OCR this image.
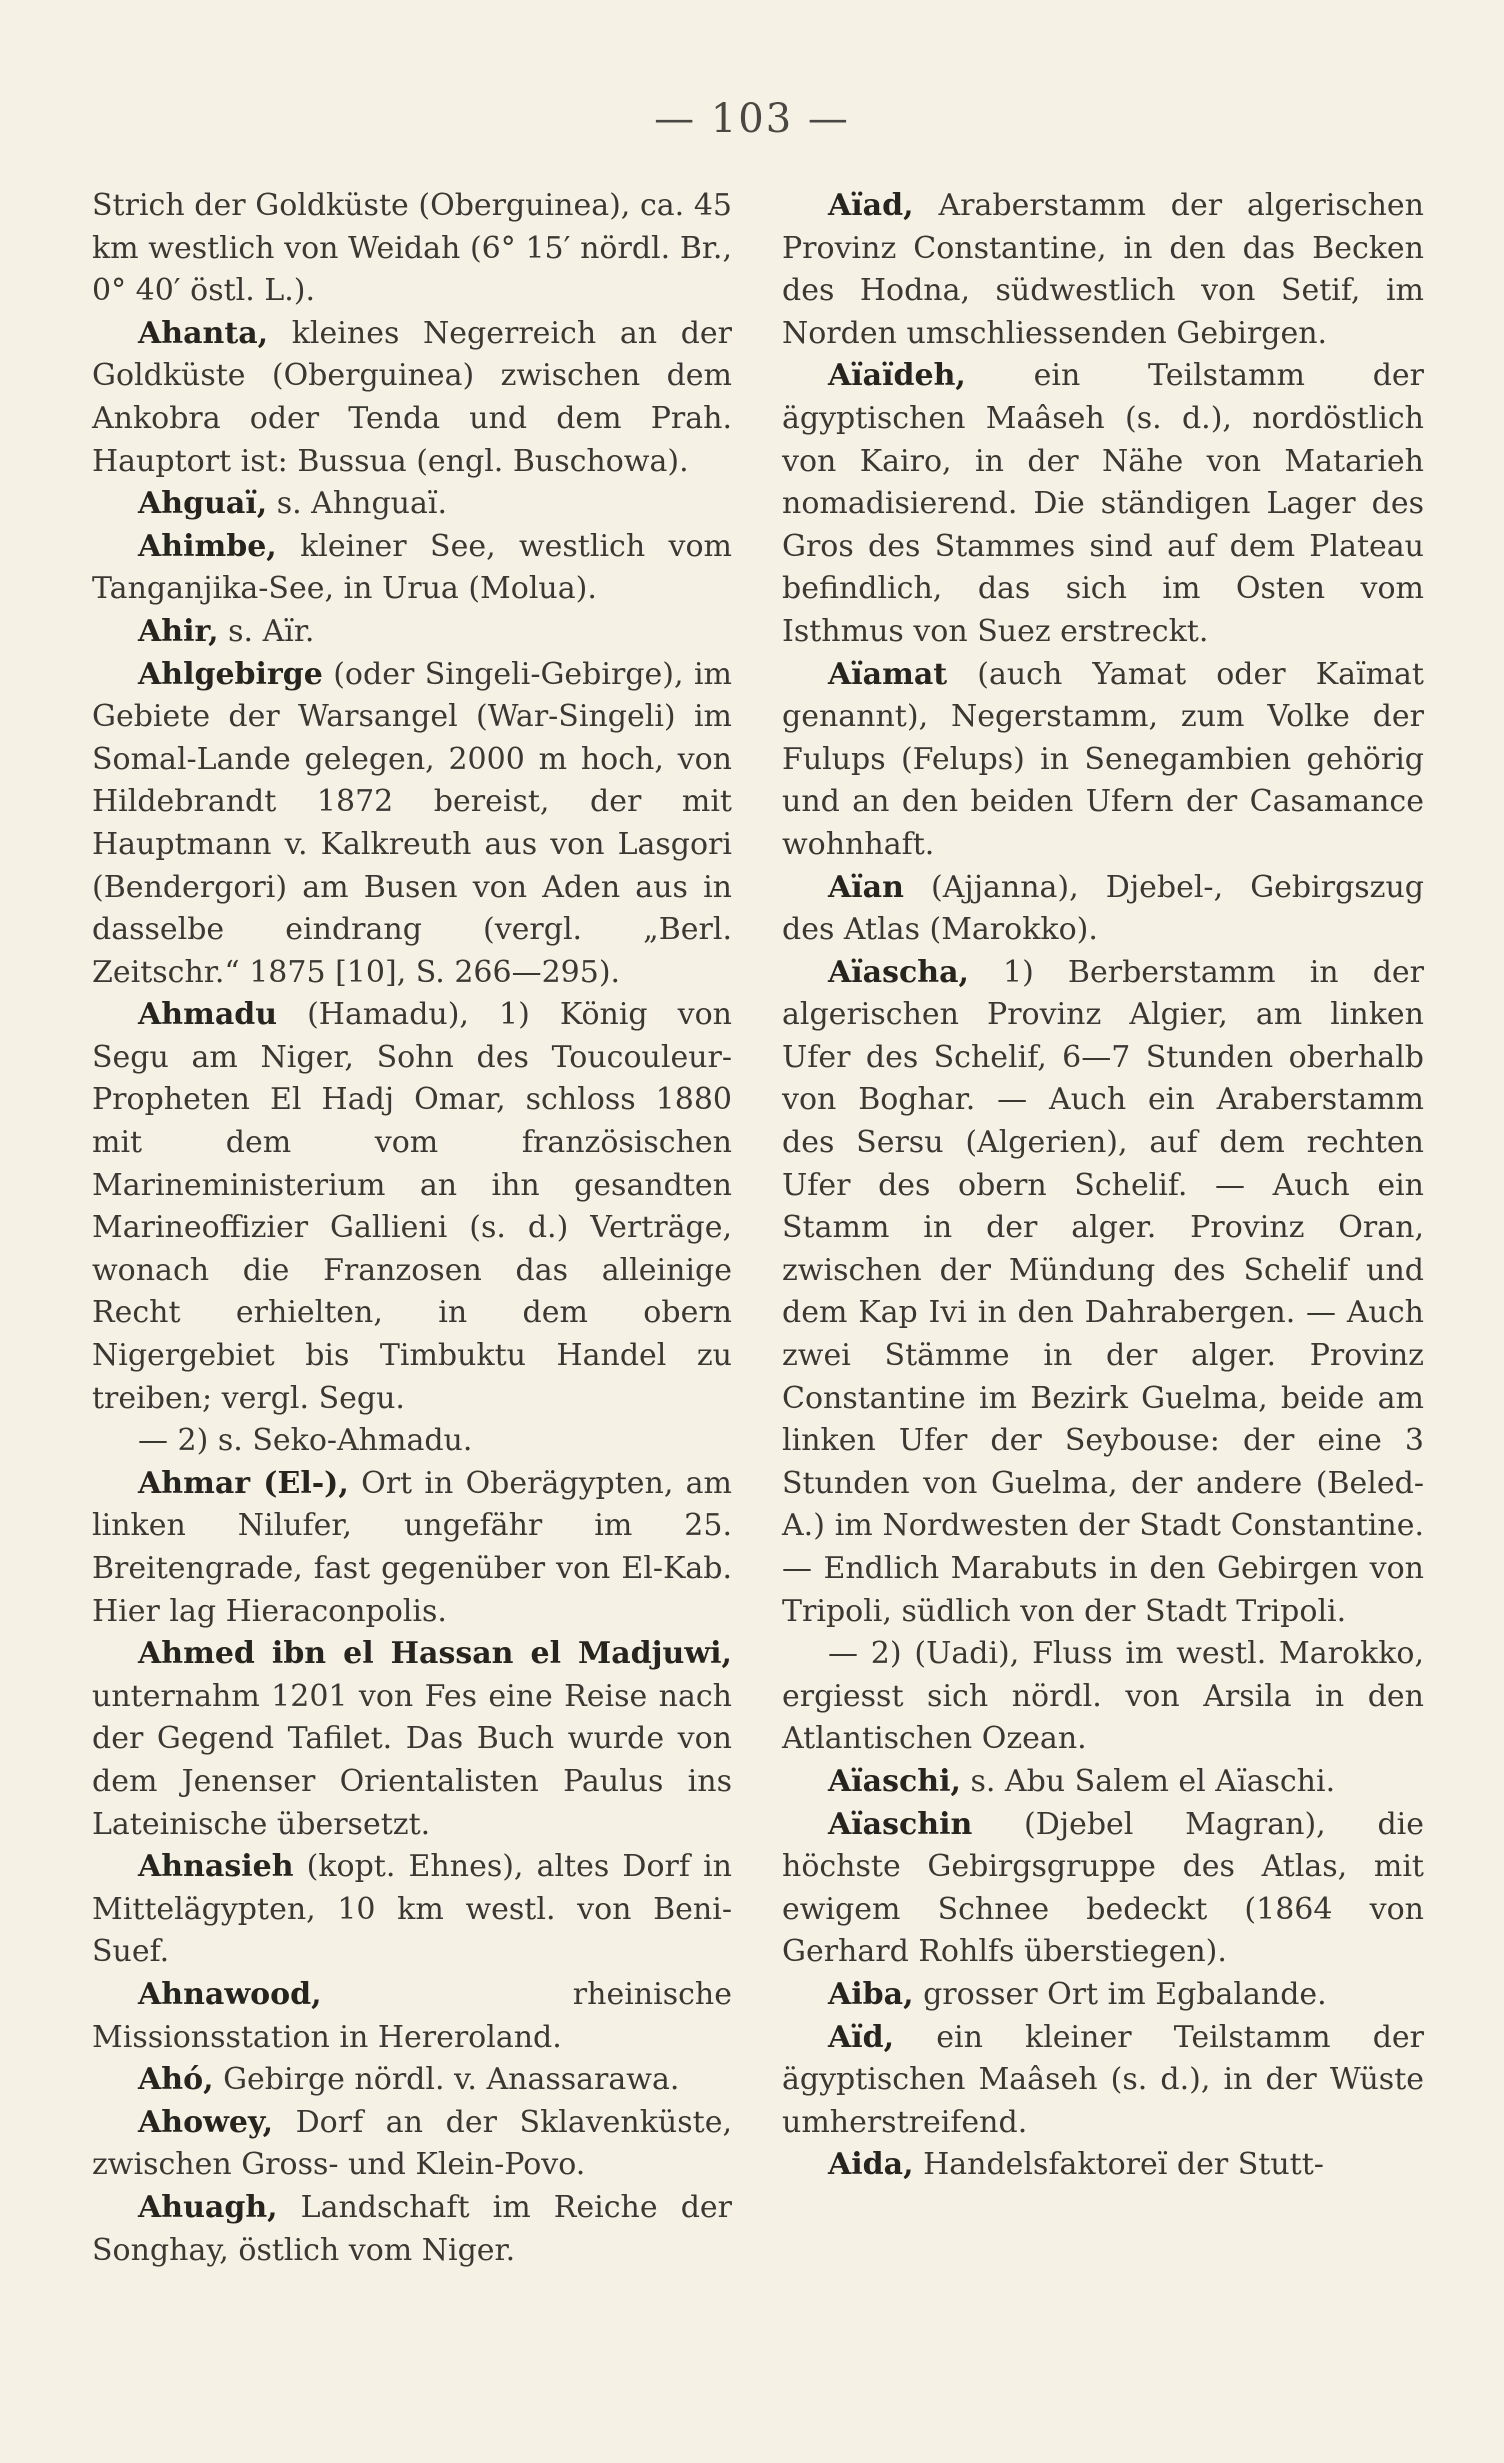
— 103 —

Strich der Goldküste (Oberguinea), ca. 45 km westlich von Weidah (6° 15′ nördl. Br., 0° 40′ östl. L.).

Ahanta, kleines Negerreich an der Goldküste (Oberguinea) zwischen dem Ankobra oder Tenda und dem Prah. Hauptort ist: Bussua (engl. Buschowa).

Ahguaï, s. Ahnguaï.

Ahimbe, kleiner See, westlich vom Tanganjika-See, in Urua (Molua).

Ahir, s. Aïr.

Ahlgebirge (oder Singeli-Gebirge), im Gebiete der Warsangel (War-Singeli) im Somal-Lande gelegen, 2000 m hoch, von Hildebrandt 1872 bereist, der mit Hauptmann v. Kalkreuth aus von Lasgori (Bendergori) am Busen von Aden aus in dasselbe eindrang (vergl. „Berl. Zeitschr.“ 1875 [10], S. 266—295).

Ahmadu (Hamadu), 1) König von Segu am Niger, Sohn des Toucouleur-Propheten El Hadj Omar, schloss 1880 mit dem vom französischen Marineministerium an ihn gesandten Marineoffizier Gallieni (s. d.) Verträge, wonach die Franzosen das alleinige Recht erhielten, in dem obern Nigergebiet bis Timbuktu Handel zu treiben; vergl. Segu.

— 2) s. Seko-Ahmadu.

Ahmar (El-), Ort in Oberägypten, am linken Nilufer, ungefähr im 25. Breitengrade, fast gegenüber von El-Kab. Hier lag Hieraconpolis.

Ahmed ibn el Hassan el Madjuwi, unternahm 1201 von Fes eine Reise nach der Gegend Tafilet. Das Buch wurde von dem Jenenser Orientalisten Paulus ins Lateinische übersetzt.

Ahnasieh (kopt. Ehnes), altes Dorf in Mittelägypten, 10 km westl. von Beni-Suef.

Ahnawood, rheinische Missionsstation in Hereroland.

Ahó, Gebirge nördl. v. Anassarawa.

Ahowey, Dorf an der Sklavenküste, zwischen Gross- und Klein-Povo.

Ahuagh, Landschaft im Reiche der Songhay, östlich vom Niger.

Aïad, Araberstamm der algerischen Provinz Constantine, in den das Becken des Hodna, südwestlich von Setif, im Norden umschliessenden Gebirgen.

Aïaïdeh, ein Teilstamm der ägyptischen Maâseh (s. d.), nordöstlich von Kairo, in der Nähe von Matarieh nomadisierend. Die ständigen Lager des Gros des Stammes sind auf dem Plateau befindlich, das sich im Osten vom Isthmus von Suez erstreckt.

Aïamat (auch Yamat oder Kaïmat genannt), Negerstamm, zum Volke der Fulups (Felups) in Senegambien gehörig und an den beiden Ufern der Casamance wohnhaft.

Aïan (Ajjanna), Djebel-, Gebirgszug des Atlas (Marokko).

Aïascha, 1) Berberstamm in der algerischen Provinz Algier, am linken Ufer des Schelif, 6—7 Stunden oberhalb von Boghar. — Auch ein Araberstamm des Sersu (Algerien), auf dem rechten Ufer des obern Schelif. — Auch ein Stamm in der alger. Provinz Oran, zwischen der Mündung des Schelif und dem Kap Ivi in den Dahrabergen. — Auch zwei Stämme in der alger. Provinz Constantine im Bezirk Guelma, beide am linken Ufer der Seybouse: der eine 3 Stunden von Guelma, der andere (Beled-A.) im Nordwesten der Stadt Constantine. — Endlich Marabuts in den Gebirgen von Tripoli, südlich von der Stadt Tripoli.

— 2) (Uadi), Fluss im westl. Marokko, ergiesst sich nördl. von Arsila in den Atlantischen Ozean.

Aïaschi, s. Abu Salem el Aïaschi.

Aïaschin (Djebel Magran), die höchste Gebirgsgruppe des Atlas, mit ewigem Schnee bedeckt (1864 von Gerhard Rohlfs überstiegen).

Aiba, grosser Ort im Egbalande.

Aïd, ein kleiner Teilstamm der ägyptischen Maâseh (s. d.), in der Wüste umherstreifend.

Aida, Handelsfaktoreï der Stutt-
